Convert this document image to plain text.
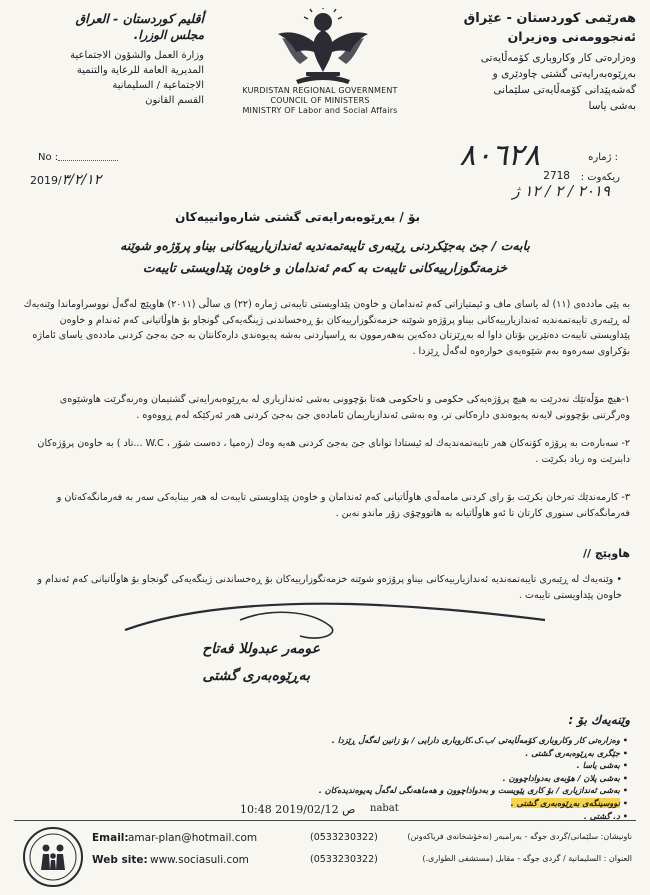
هەرێمی کوردستان - عێراق
ئەنجوومەنی وەزیران
وەزارەتی کار وکاروباری کۆمەڵایەتی
بەڕێوەبەرایەتی گشتی چاودێری و
گەشەپێدانی کۆمەڵایەتی سلێمانی
بەشی یاسا
أقليم كوردستان - العراق
مجلس الوزرا.
وزارة العمل والشؤون الاجتماعية
المديرية العامة للرعاية والتنمية
الاجتماعية / السليمانية
القسم القانون
KURDISTAN REGIONAL GOVERNMENT
COUNCIL OF MINISTERS
MINISTRY OF Labor and Social Affairs
No :
2019/٣/٢/١٢
: ژمارە
٨٠٦٢٨
ریکەوت :
2718
٢٠١٩ / ٢ / ١٢ ژ
بۆ / بەڕێوەبەرایەتی گشتی شارەوانییەکان
بابەت / جێ بەجێکردنی ڕێبەری تایبەتمەندیە ئەندازیارییەکانی بیناو پرۆژەو شوێنە
خزمەتگوزارییەکانی تایبەت بە کەم ئەندامان و خاوەن پێداویستی تایبەت
بە پێی ماددەی (١١) لە یاسای ماف و ئیمتیازاتی کەم ئەندامان و خاوەن پێداویستی تایبەتی ژمارە (٢٢) ی ساڵی (٢٠١١) هاوپێچ لەگەڵ نووسراوماندا وێنەیەك لە ڕێبەری تایبەتمەندیە ئەندازیارییەکانی بیناو پرۆژەو شوێنە خزمەتگوزارییەکان بۆ ڕەخساندنی ژینگەیەکی گونجاو بۆ هاوڵاتیانی کەم ئەندام و خاوەن پێداویستی تایبەت دەنێرین بۆتان داوا لە بەڕێزتان دەکەین بەهەرموون بە ڕاسپاردنی بەشە پەیوەندی دارەکانتان بە جێ بەجێ کردنی ماددەی یاسای ئاماژە بۆکراوی سەرەوە بەم شێوەیەی خوارەوە لەگەڵ ڕێزدا .
١-هیچ مۆڵەتێك نەدرێت بە هیچ پرۆژەیەکی حکومی و ناحکومی هەتا بۆچوونی بەشی ئەندازیاری لە بەڕێوەبەرایەتی گشتیمان وەرنەگرێت هاوشێوەی وەرگرتنی بۆچوونی لایەنە پەیوەندی دارەکانی تر، وە بەشی ئەندازیاریمان ئامادەی جێ بەجێ کردنی هەر ئەرکێکە لەم ڕووەوە .
٢- سەبارەت بە پرۆژە کۆنەکان هەر تایبەتمەندیەك لە ئیستادا توانای جێ بەجێ کردنی هەیە وەك (رەمپا ، دەست شۆر ، W.C ...تاد ) بە خاوەن پرۆژەکان دابنرێت وە زیاد بکرێت .
٣- کارمەندێك تەرخان بکرێت بۆ رای کردنی مامەڵەی هاوڵاتیانی کەم ئەندامان و خاوەن پێداویستی تایبەت لە هەر بینایەکی سەر بە فەرمانگەکەتان و فەرمانگەکانی سنوری کارتان تا ئەو هاوڵاتیانە بە هاتووچۆی زۆر ماندو نەبن .
هاوپێچ //
• وێنەیەك لە ڕێبەری تایبەتمەندیە ئەندازیارییەکانی بیناو پرۆژەو شوێنە خزمەتگوزارییەکان بۆ ڕەخساندنی ژینگەیەکی گونجاو بۆ هاوڵاتیانی کەم ئەندام و خاوەن پێداویستی تایبەت .
عومەر عبدوللا فەتاح
بەڕێوەبەری گشتی
وێنەیەك بۆ :
• وەزارەتی کار وکاروباری کۆمەڵایەتی /ب.ک.کاروباری دارایی / بۆ زانین لەگەڵ ڕێزدا .
• جێگری بەڕێوەبەری گشتی .
• بەشی یاسا .
• بەشی پلان / هۆبەی بەدواداچوون .
• بەشی ئەندازیاری / بۆ کاری پێویست و بەدواداچوون و هەماهەنگی لەگەڵ پەیوەندیدەکان .
• نووسینگەی بەڕێوەبەری گشتی .
• د. گشتی .
10:48 2019/02/12 ص nabat
Email: amar-plan@hotmail.com
Web site: www.sociasuli.com
(0533230322)
(0533230322)
ناونیشان: سلێمانی/گردی جوگە - بەرامبەر (نەخۆشخانەی فریاکەوتن)
العنوان : السليمانية / گردی جوگە - مقابل (مستشفى الطوارى.)
